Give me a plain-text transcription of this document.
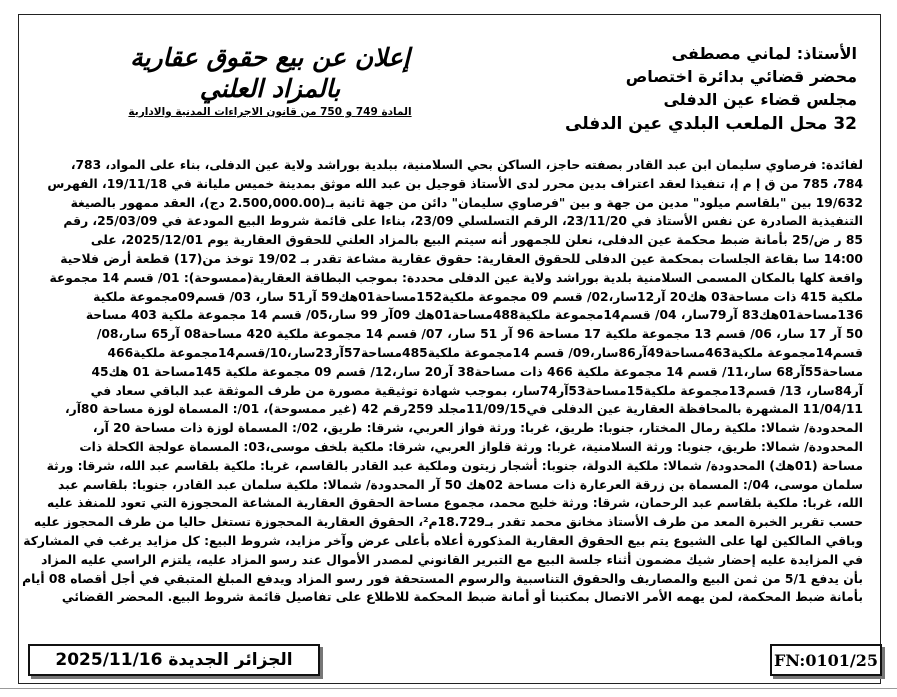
الأستاذ: لماني مصطفى
محضر قضائي بدائرة اختصاص
مجلس قضاء عين الدفلى
32 محل الملعب البلدي عين الدفلى
إعلان عن بيع حقوق عقارية
بالمزاد العلني
المادة 749 و 750 من قانون الاجراءات المدنية والادارية
لفائدة: فرصاوي سليمان ابن عبد القادر بصفته حاجز، الساكن بحي السلامنية، ببلدية بوراشد ولاية عين الدفلى، بناء على المواد، 783،
784، 785 من ق إ م إ، تنفيذا لعقد اعتراف بدين محرر لدى الأستاذ قوجيل بن عبد الله موثق بمدينة خميس مليانة في 19/11/18، الفهرس
19/632 بين "بلقاسم ميلود" مدين من جهة و بين "فرصاوي سليمان" دائن من جهة ثانية بـ(2.500,000.00 دج)، العقد ممهور بالصيغة
التنفيذية الصادرة عن نفس الأستاذ في 23/11/20، الرقم التسلسلي 23/09، بناءا على قائمة شروط البيع المودعة في 25/03/09، رقم
85 ر ض/25 بأمانة ضبط محكمة عين الدفلى، نعلن للجمهور أنه سيتم البيع بالمزاد العلني للحقوق العقارية يوم 2025/12/01، على
14:00 سا بقاعة الجلسات بمحكمة عين الدفلى للحقوق العقارية: حقوق عقارية مشاعة تقدر بـ 19/02 توخذ من(17) قطعة أرض فلاحية
واقعة كلها بالمكان المسمى السلامنية بلدية بوراشد ولاية عين الدفلى محددة: بموجب البطاقة العقارية(ممسوحة): 01/ قسم 14 مجموعة
ملكية 415 ذات مساحة03 هك20 آر12سار،02/ قسم 09 مجموعة ملكية152مساحة01هك59 آر51 سار، 03/ قسم09مجموعة ملكية
136مساحة01هك83 آر79سار، 04/ قسم14مجموعة ملكية488مساحة01هك 09آر 99 سار،05/ قسم 14 مجموعة ملكية 403 مساحة
50 آر 17 سار، 06/ قسم 13 مجموعة ملكية 17 مساحة 96 آر 51 سار، 07/ قسم 14 مجموعة ملكية 420 مساحة08 آر65 سار،08/
قسم14مجموعة ملكية463مساحة49آر86سار،09/ قسم 14مجموعة ملكية485مساحة57آر23سار،10/قسم14مجموعة ملكية466
مساحة55آر68 سار،11/ قسم 14 مجموعة ملكية 466 ذات مساحة38 آر20 سار،12/ قسم 09 مجموعة ملكية 145مساحة 01 هك45
آر84سار، 13/ قسم13مجموعة ملكية15مساحة53آر74سار، بموجب شهادة توثيقية مصورة من طرف الموثقة عبد الباقي سعاد في
11/04/11 المشهرة بالمحافظة العقارية عين الدفلى في11/09/15مجلد 259رقم 42 (غير ممسوحة)، 01/: المسماة لوزة مساحة 80آر،
المحدودة/ شمالا: ملكية رمال المختار، جنوبا: طريق، غربا: ورثة فواز العربي، شرقا: طريق، 02/: المسماة لوزة ذات مساحة 20 آر،
المحدودة/ شمالا: طريق، جنوبا: ورثة السلامنية، غربا: ورثة قلواز العربي، شرقا: ملكية بلخف موسى،03: المسماة عولجة الكحلة ذات
مساحة (01هك) المحدودة/ شمالا: ملكية الدولة، جنوبا: أشجار زيتون وملكية عبد القادر بالقاسم، غربا: ملكية بلقاسم عبد الله، شرقا: ورثة
سلمان موسى، 04/: المسماة بن زرقة العرعارة ذات مساحة 02هك 50 آر المحدودة/ شمالا: ملكية سلمان عبد القادر، جنوبا: بلقاسم عبد
الله، غربا: ملكية بلقاسم عبد الرحمان، شرقا: ورثة خليج محمد، مجموع مساحة الحقوق العقارية المشاعة المحجوزة التي تعود للمنفذ عليه
حسب تقرير الخبرة المعد من طرف الأستاذ مخانق محمد تقدر بـ18.729م²، الحقوق العقارية المحجوزة تستغل حاليا من طرف المحجوز عليه
وباقي المالكين لها على الشيوع يتم بيع الحقوق العقارية المذكورة أعلاه بأعلى عرض وآخر مزايد، شروط البيع: كل مزايد يرغب في المشاركة
في المزايدة عليه إحضار شيك مضمون أثناء جلسة البيع مع التبرير القانوني لمصدر الأموال عند رسو المزاد عليه، يلتزم الراسي عليه المزاد
بأن يدفع 5/1 من ثمن البيع والمصاريف والحقوق التناسبية والرسوم المستحقة فور رسو المزاد ويدفع المبلغ المتبقي في أجل أقصاه 08 أيام
بأمانة ضبط المحكمة، لمن يهمه الأمر الاتصال بمكتبنا أو أمانة ضبط المحكمة للاطلاع على تفاصيل قائمة شروط البيع. المحضر القضائي
الجزائر الجديدة 2025/11/16	FN:0101/25
